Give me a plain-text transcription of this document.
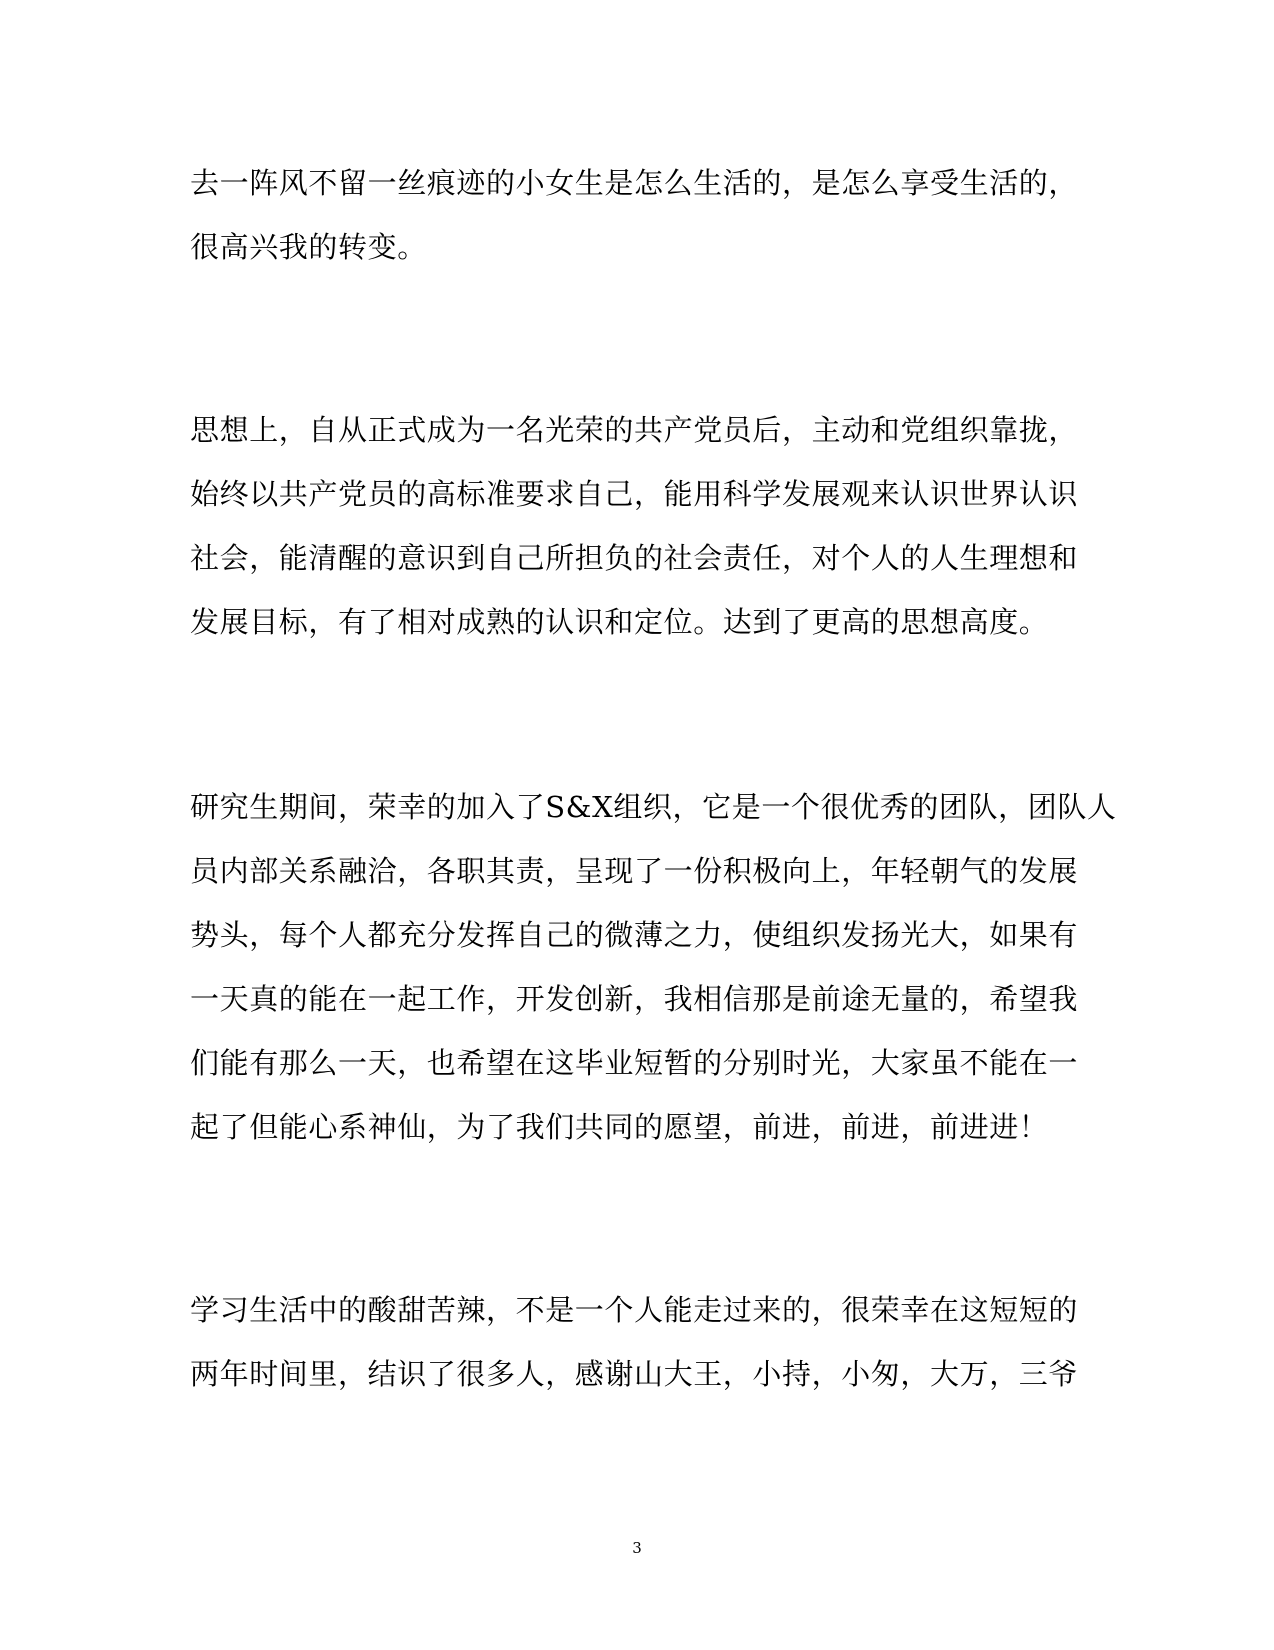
去一阵风不留一丝痕迹的小女生是怎么生活的，是怎么享受生活的，
很高兴我的转变。
思想上，自从正式成为一名光荣的共产党员后，主动和党组织靠拢，
始终以共产党员的高标准要求自己，能用科学发展观来认识世界认识
社会，能清醒的意识到自己所担负的社会责任，对个人的人生理想和
发展目标，有了相对成熟的认识和定位。达到了更高的思想高度。
研究生期间，荣幸的加入了S&X组织，它是一个很优秀的团队，团队人
员内部关系融洽，各职其责，呈现了一份积极向上，年轻朝气的发展
势头，每个人都充分发挥自己的微薄之力，使组织发扬光大，如果有
一天真的能在一起工作，开发创新，我相信那是前途无量的，希望我
们能有那么一天，也希望在这毕业短暂的分别时光，大家虽不能在一
起了但能心系神仙，为了我们共同的愿望，前进，前进，前进进！
学习生活中的酸甜苦辣，不是一个人能走过来的，很荣幸在这短短的
两年时间里，结识了很多人，感谢山大王，小持，小匆，大万，三爷
3
